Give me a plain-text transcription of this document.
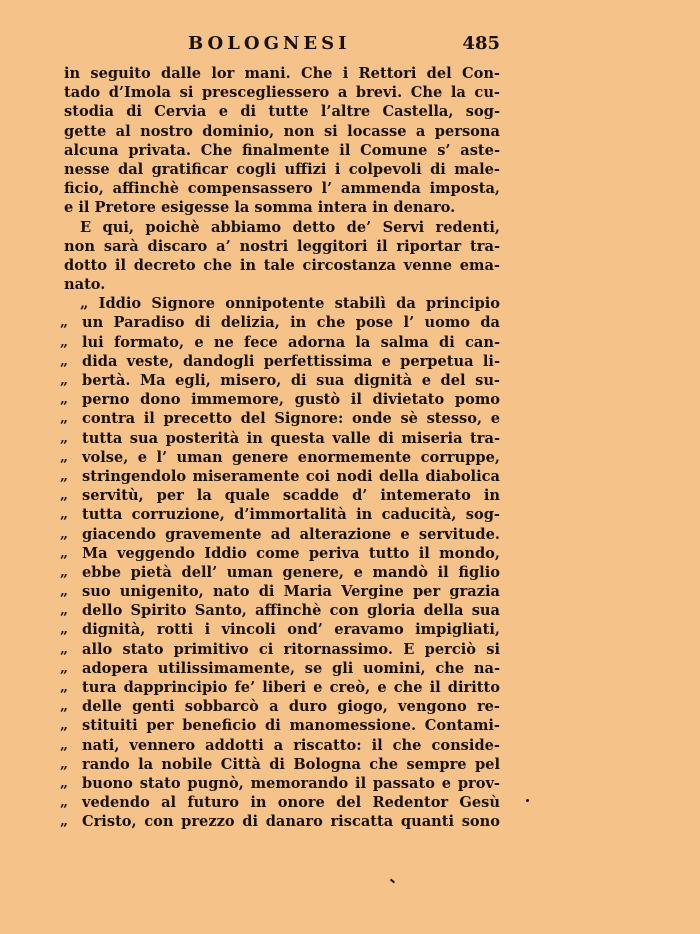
BOLOGNESI	485
in seguito dalle lor mani. Che i Rettori del Con-
tado d’Imola si prescegliessero a brevi. Che la cu-
stodia di Cervia e di tutte l’altre Castella, sog-
gette al nostro dominio, non si locasse a persona
alcuna privata. Che finalmente il Comune s’ aste-
nesse dal gratificar cogli uffizi i colpevoli di male-
ficio, affinchè compensassero l’ ammenda imposta,
e il Pretore esigesse la somma intera in denaro.
E qui, poichè abbiamo detto de’ Servi redenti,
non sarà discaro a’ nostri leggitori il riportar tra-
dotto il decreto che in tale circostanza venne ema-
nato.
„ Iddio Signore onnipotente stabilì da principio
„ un Paradiso di delizia, in che pose l’ uomo da
„ lui formato, e ne fece adorna la salma di can-
„ dida veste, dandogli perfettissima e perpetua li-
„ bertà. Ma egli, misero, di sua dignità e del su-
„ perno dono immemore, gustò il divietato pomo
„ contra il precetto del Signore: onde sè stesso, e
„ tutta sua posterità in questa valle di miseria tra-
„ volse, e l’ uman genere enormemente corruppe,
„ stringendolo miseramente coi nodi della diabolica
„ servitù, per la quale scadde d’ intemerato in
„ tutta corruzione, d’immortalità in caducità, sog-
„ giacendo gravemente ad alterazione e servitude.
„ Ma veggendo Iddio come periva tutto il mondo,
„ ebbe pietà dell’ uman genere, e mandò il figlio
„ suo unigenito, nato di Maria Vergine per grazia
„ dello Spirito Santo, affinchè con gloria della sua
„ dignità, rotti i vincoli ond’ eravamo impigliati,
„ allo stato primitivo ci ritornassimo. E perciò si
„ adopera utilissimamente, se gli uomini, che na-
„ tura dapprincipio fe’ liberi e creò, e che il diritto
„ delle genti sobbarcò a duro giogo, vengono re-
„ stituiti per beneficio di manomessione. Contami-
„ nati, vennero addotti a riscatto: il che conside-
„ rando la nobile Città di Bologna che sempre pel
„ buono stato pugnò, memorando il passato e prov-
„ vedendo al futuro in onore del Redentor Gesù
„ Cristo, con prezzo di danaro riscatta quanti sono
